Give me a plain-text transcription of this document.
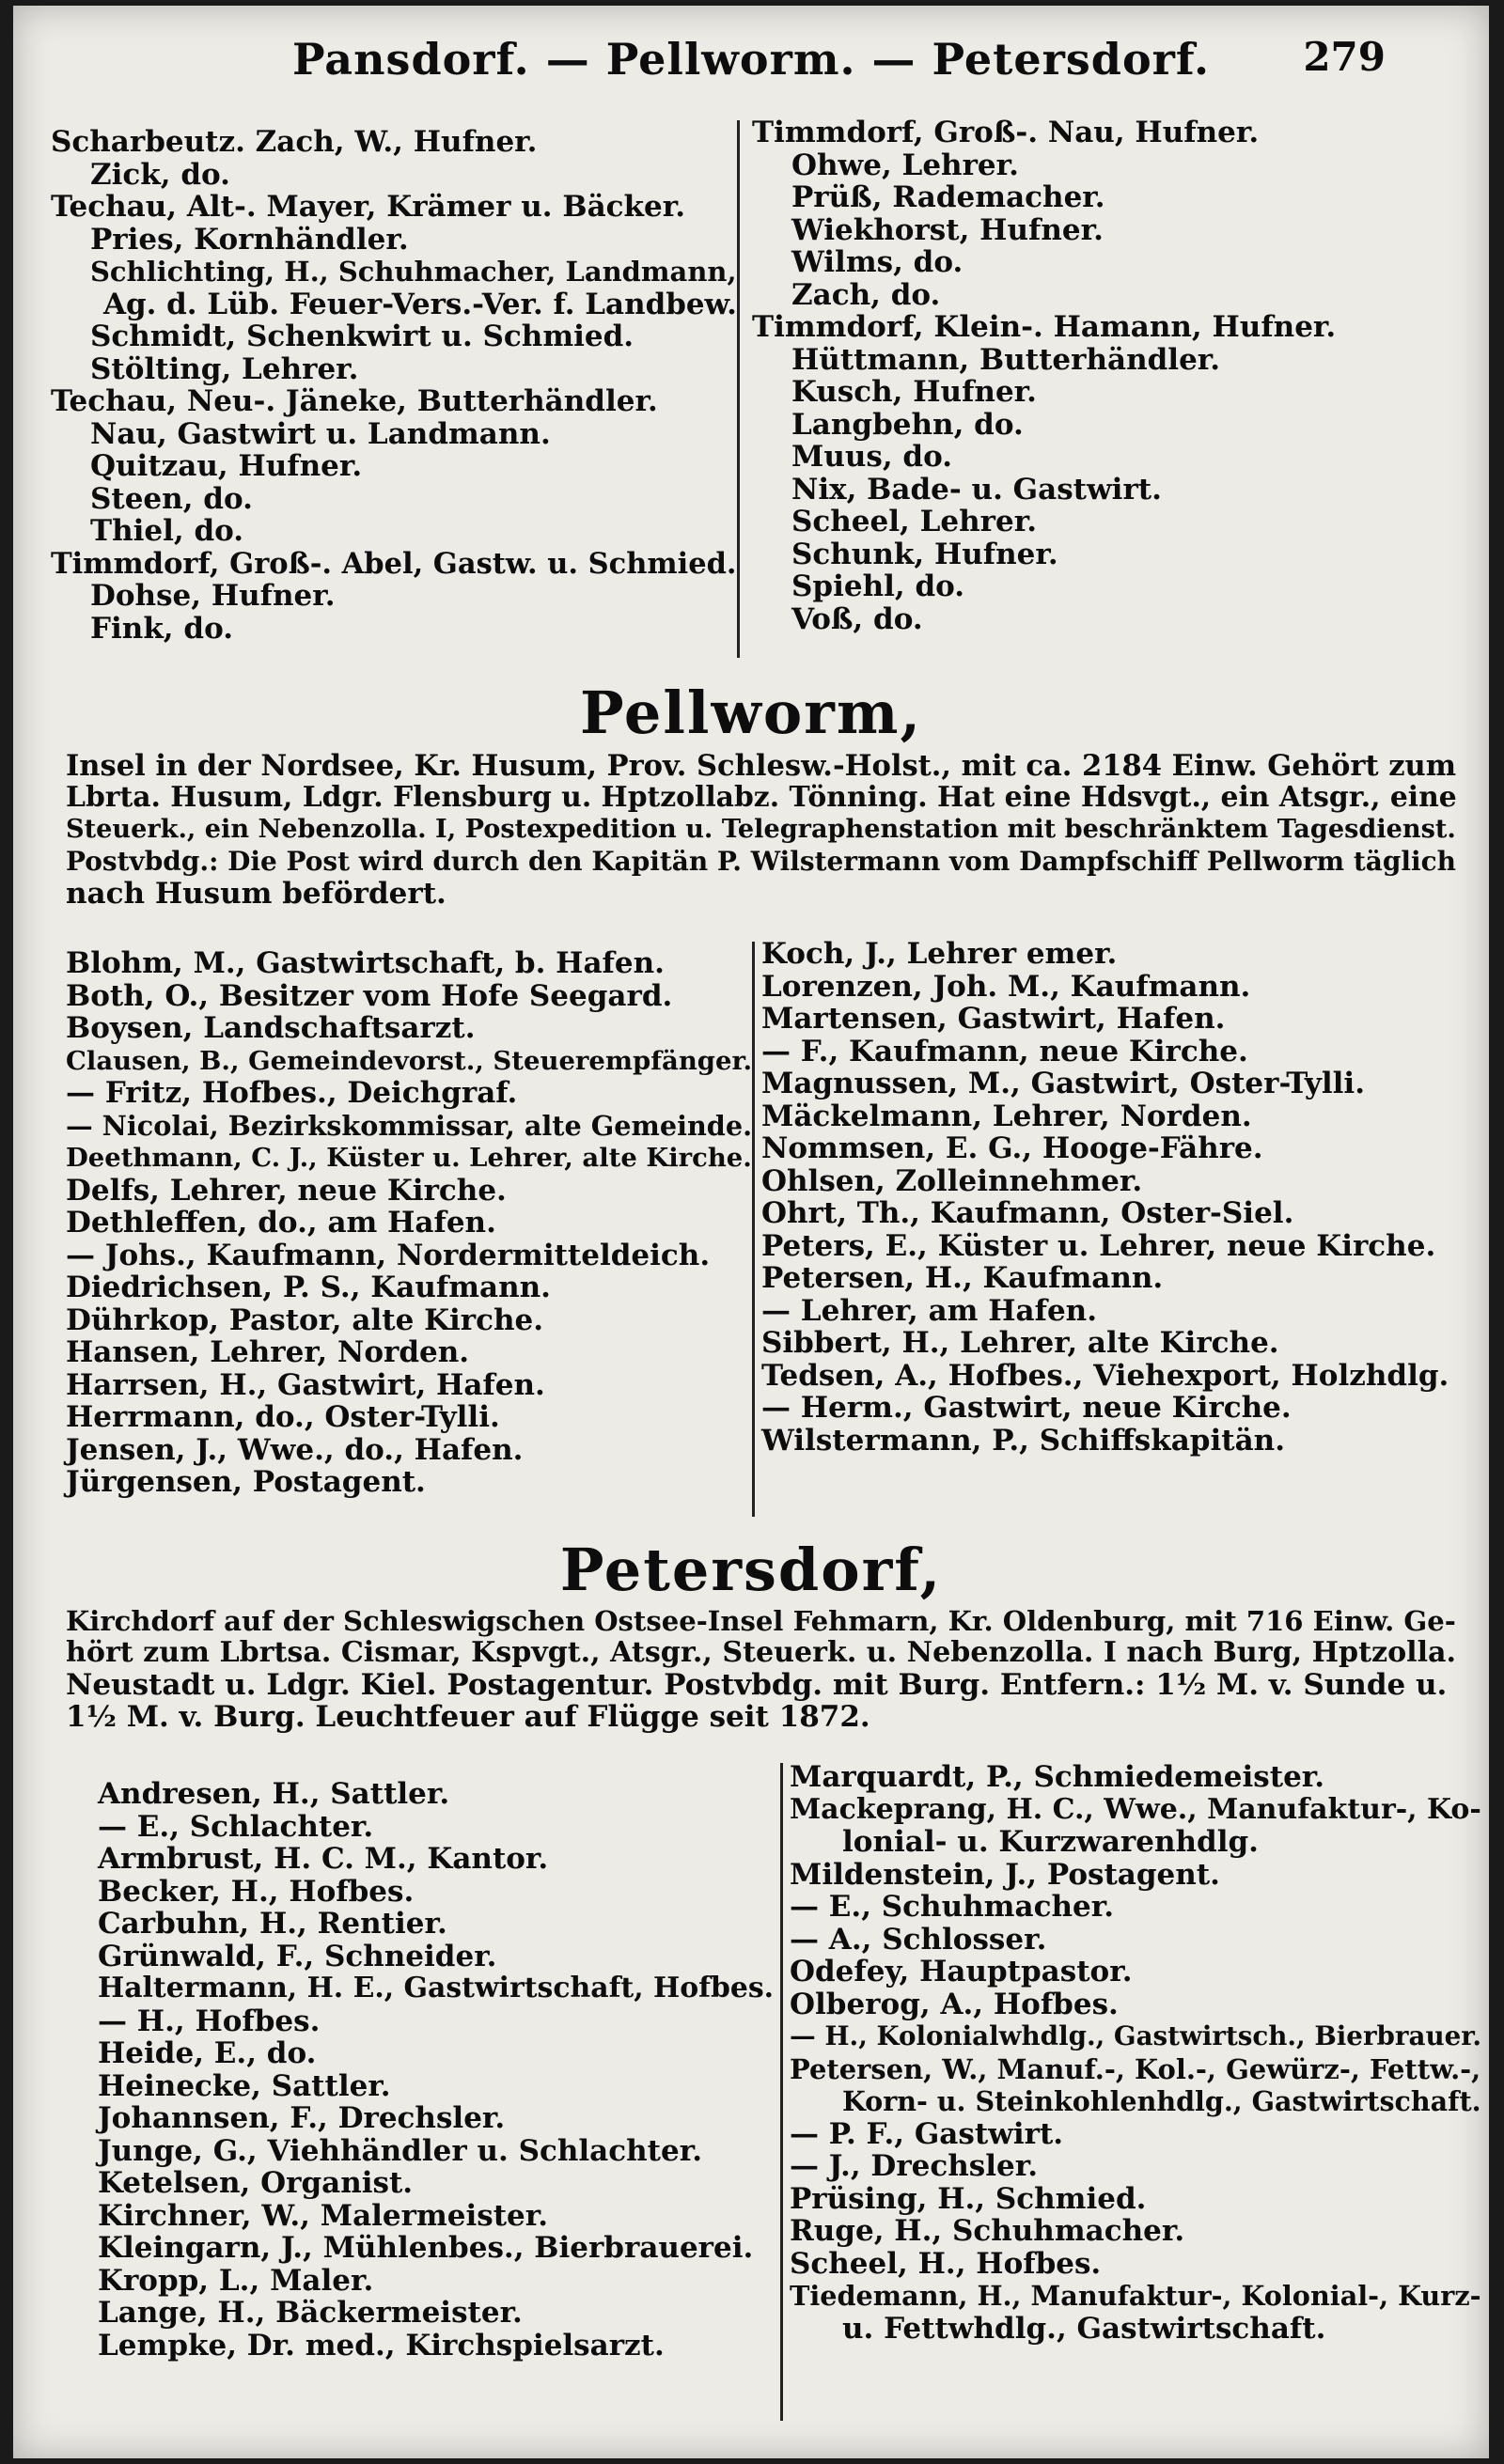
Pansdorf. — Pellworm. — Petersdorf.	279
Scharbeutz. Zach, W., Hufner.
Zick, do.
Techau, Alt-. Mayer, Krämer u. Bäcker.
Pries, Kornhändler.
Schlichting, H., Schuhmacher, Landmann,
Ag. d. Lüb. Feuer-Vers.-Ver. f. Landbew.
Schmidt, Schenkwirt u. Schmied.
Stölting, Lehrer.
Techau, Neu-. Jäneke, Butterhändler.
Nau, Gastwirt u. Landmann.
Quitzau, Hufner.
Steen, do.
Thiel, do.
Timmdorf, Groß-. Abel, Gastw. u. Schmied.
Dohse, Hufner.
Fink, do.
Timmdorf, Groß-. Nau, Hufner.
Ohwe, Lehrer.
Prüß, Rademacher.
Wiekhorst, Hufner.
Wilms, do.
Zach, do.
Timmdorf, Klein-. Hamann, Hufner.
Hüttmann, Butterhändler.
Kusch, Hufner.
Langbehn, do.
Muus, do.
Nix, Bade- u. Gastwirt.
Scheel, Lehrer.
Schunk, Hufner.
Spiehl, do.
Voß, do.
Pellworm,
Insel in der Nordsee, Kr. Husum, Prov. Schlesw.-Holst., mit ca. 2184 Einw. Gehört zum
Lbrta. Husum, Ldgr. Flensburg u. Hptzollabz. Tönning. Hat eine Hdsvgt., ein Atsgr., eine
Steuerk., ein Nebenzolla. I, Postexpedition u. Telegraphenstation mit beschränktem Tagesdienst.
Postvbdg.: Die Post wird durch den Kapitän P. Wilstermann vom Dampfschiff Pellworm täglich
nach Husum befördert.
Blohm, M., Gastwirtschaft, b. Hafen.
Both, O., Besitzer vom Hofe Seegard.
Boysen, Landschaftsarzt.
Clausen, B., Gemeindevorst., Steuerempfänger.
— Fritz, Hofbes., Deichgraf.
— Nicolai, Bezirkskommissar, alte Gemeinde.
Deethmann, C. J., Küster u. Lehrer, alte Kirche.
Delfs, Lehrer, neue Kirche.
Dethleffen, do., am Hafen.
— Johs., Kaufmann, Nordermitteldeich.
Diedrichsen, P. S., Kaufmann.
Dührkop, Pastor, alte Kirche.
Hansen, Lehrer, Norden.
Harrsen, H., Gastwirt, Hafen.
Herrmann, do., Oster-Tylli.
Jensen, J., Wwe., do., Hafen.
Jürgensen, Postagent.
Koch, J., Lehrer emer.
Lorenzen, Joh. M., Kaufmann.
Martensen, Gastwirt, Hafen.
— F., Kaufmann, neue Kirche.
Magnussen, M., Gastwirt, Oster-Tylli.
Mäckelmann, Lehrer, Norden.
Nommsen, E. G., Hooge-Fähre.
Ohlsen, Zolleinnehmer.
Ohrt, Th., Kaufmann, Oster-Siel.
Peters, E., Küster u. Lehrer, neue Kirche.
Petersen, H., Kaufmann.
— Lehrer, am Hafen.
Sibbert, H., Lehrer, alte Kirche.
Tedsen, A., Hofbes., Viehexport, Holzhdlg.
— Herm., Gastwirt, neue Kirche.
Wilstermann, P., Schiffskapitän.
Petersdorf,
Kirchdorf auf der Schleswigschen Ostsee-Insel Fehmarn, Kr. Oldenburg, mit 716 Einw. Ge-
hört zum Lbrtsa. Cismar, Kspvgt., Atsgr., Steuerk. u. Nebenzolla. I nach Burg, Hptzolla.
Neustadt u. Ldgr. Kiel. Postagentur. Postvbdg. mit Burg. Entfern.: 1½ M. v. Sunde u.
1½ M. v. Burg. Leuchtfeuer auf Flügge seit 1872.
Andresen, H., Sattler.
— E., Schlachter.
Armbrust, H. C. M., Kantor.
Becker, H., Hofbes.
Carbuhn, H., Rentier.
Grünwald, F., Schneider.
Haltermann, H. E., Gastwirtschaft, Hofbes.
— H., Hofbes.
Heide, E., do.
Heinecke, Sattler.
Johannsen, F., Drechsler.
Junge, G., Viehhändler u. Schlachter.
Ketelsen, Organist.
Kirchner, W., Malermeister.
Kleingarn, J., Mühlenbes., Bierbrauerei.
Kropp, L., Maler.
Lange, H., Bäckermeister.
Lempke, Dr. med., Kirchspielsarzt.
Marquardt, P., Schmiedemeister.
Mackeprang, H. C., Wwe., Manufaktur-, Ko-
lonial- u. Kurzwarenhdlg.
Mildenstein, J., Postagent.
— E., Schuhmacher.
— A., Schlosser.
Odefey, Hauptpastor.
Olberog, A., Hofbes.
— H., Kolonialwhdlg., Gastwirtsch., Bierbrauer.
Petersen, W., Manuf.-, Kol.-, Gewürz-, Fettw.-,
Korn- u. Steinkohlenhdlg., Gastwirtschaft.
— P. F., Gastwirt.
— J., Drechsler.
Prüsing, H., Schmied.
Ruge, H., Schuhmacher.
Scheel, H., Hofbes.
Tiedemann, H., Manufaktur-, Kolonial-, Kurz-
u. Fettwhdlg., Gastwirtschaft.
